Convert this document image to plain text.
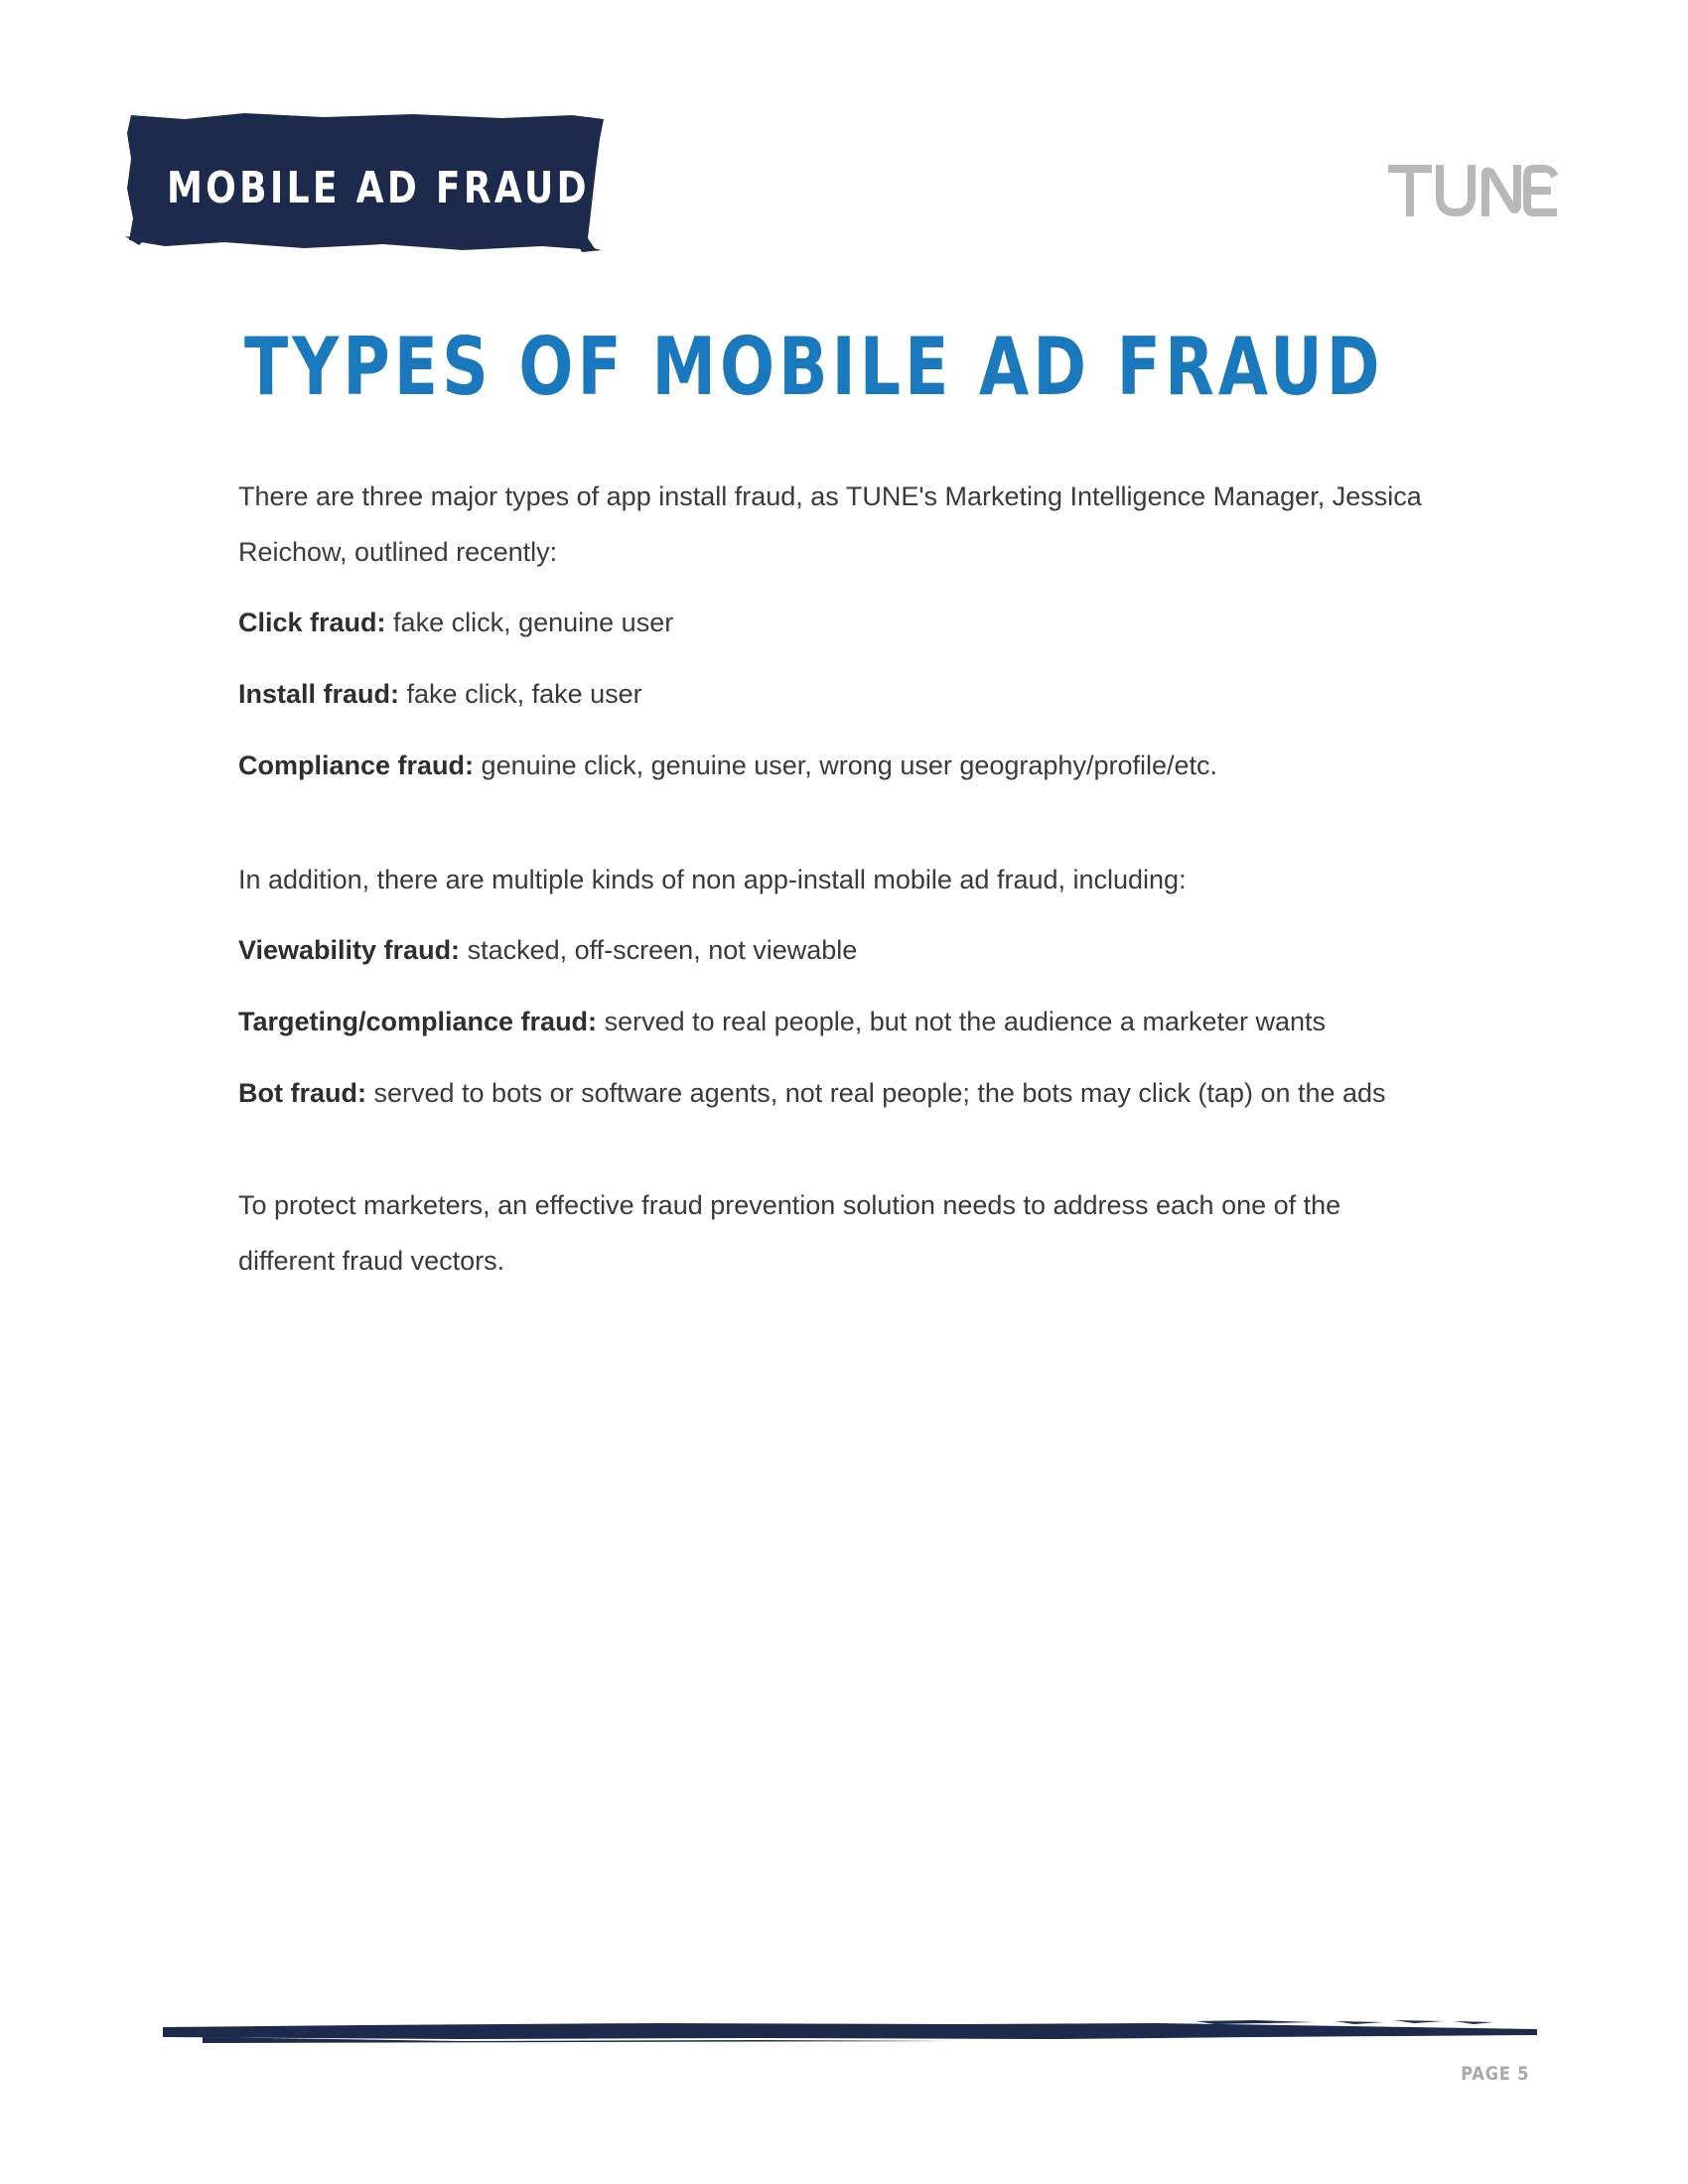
MOBILE AD FRAUD
TYPES OF MOBILE AD FRAUD

There are three major types of app install fraud, as TUNE's Marketing Intelligence Manager, Jessica Reichow, outlined recently:

Click fraud: fake click, genuine user
Install fraud: fake click, fake user
Compliance fraud: genuine click, genuine user, wrong user geography/profile/etc.

In addition, there are multiple kinds of non app-install mobile ad fraud, including:

Viewability fraud: stacked, off-screen, not viewable
Targeting/compliance fraud: served to real people, but not the audience a marketer wants
Bot fraud: served to bots or software agents, not real people; the bots may click (tap) on the ads

To protect marketers, an effective fraud prevention solution needs to address each one of the different fraud vectors.

PAGE 5
